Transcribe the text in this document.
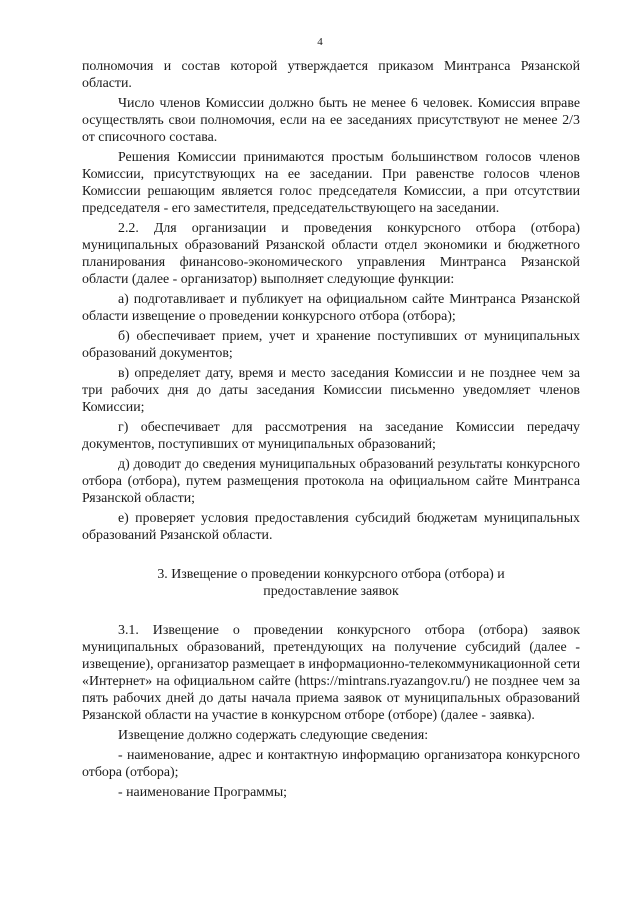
4

полномочия и состав которой утверждается приказом Минтранса Рязанской области.

Число членов Комиссии должно быть не менее 6 человек. Комиссия вправе осуществлять свои полномочия, если на ее заседаниях присутствуют не менее 2/3 от списочного состава.

Решения Комиссии принимаются простым большинством голосов членов Комиссии, присутствующих на ее заседании. При равенстве голосов членов Комиссии решающим является голос председателя Комиссии, а при отсутствии председателя - его заместителя, председательствующего на заседании.

2.2. Для организации и проведения конкурсного отбора (отбора) муниципальных образований Рязанской области отдел экономики и бюджетного планирования финансово-экономического управления Минтранса Рязанской области (далее - организатор) выполняет следующие функции:

а) подготавливает и публикует на официальном сайте Минтранса Рязанской области извещение о проведении конкурсного отбора (отбора);

б) обеспечивает прием, учет и хранение поступивших от муниципальных образований документов;

в) определяет дату, время и место заседания Комиссии и не позднее чем за три рабочих дня до даты заседания Комиссии письменно уведомляет членов Комиссии;

г) обеспечивает для рассмотрения на заседание Комиссии передачу документов, поступивших от муниципальных образований;

д) доводит до сведения муниципальных образований результаты конкурсного отбора (отбора), путем размещения протокола на официальном сайте Минтранса Рязанской области;

е) проверяет условия предоставления субсидий бюджетам муниципальных образований Рязанской области.

3. Извещение о проведении конкурсного отбора (отбора) и
предоставление заявок

3.1. Извещение о проведении конкурсного отбора (отбора) заявок муниципальных образований, претендующих на получение субсидий (далее - извещение), организатор размещает в информационно-телекоммуникационной сети «Интернет» на официальном сайте (https://mintrans.ryazangov.ru/) не позднее чем за пять рабочих дней до даты начала приема заявок от муниципальных образований Рязанской области на участие в конкурсном отборе (отборе) (далее - заявка).

Извещение должно содержать следующие сведения:

- наименование, адрес и контактную информацию организатора конкурсного отбора (отбора);

- наименование Программы;
